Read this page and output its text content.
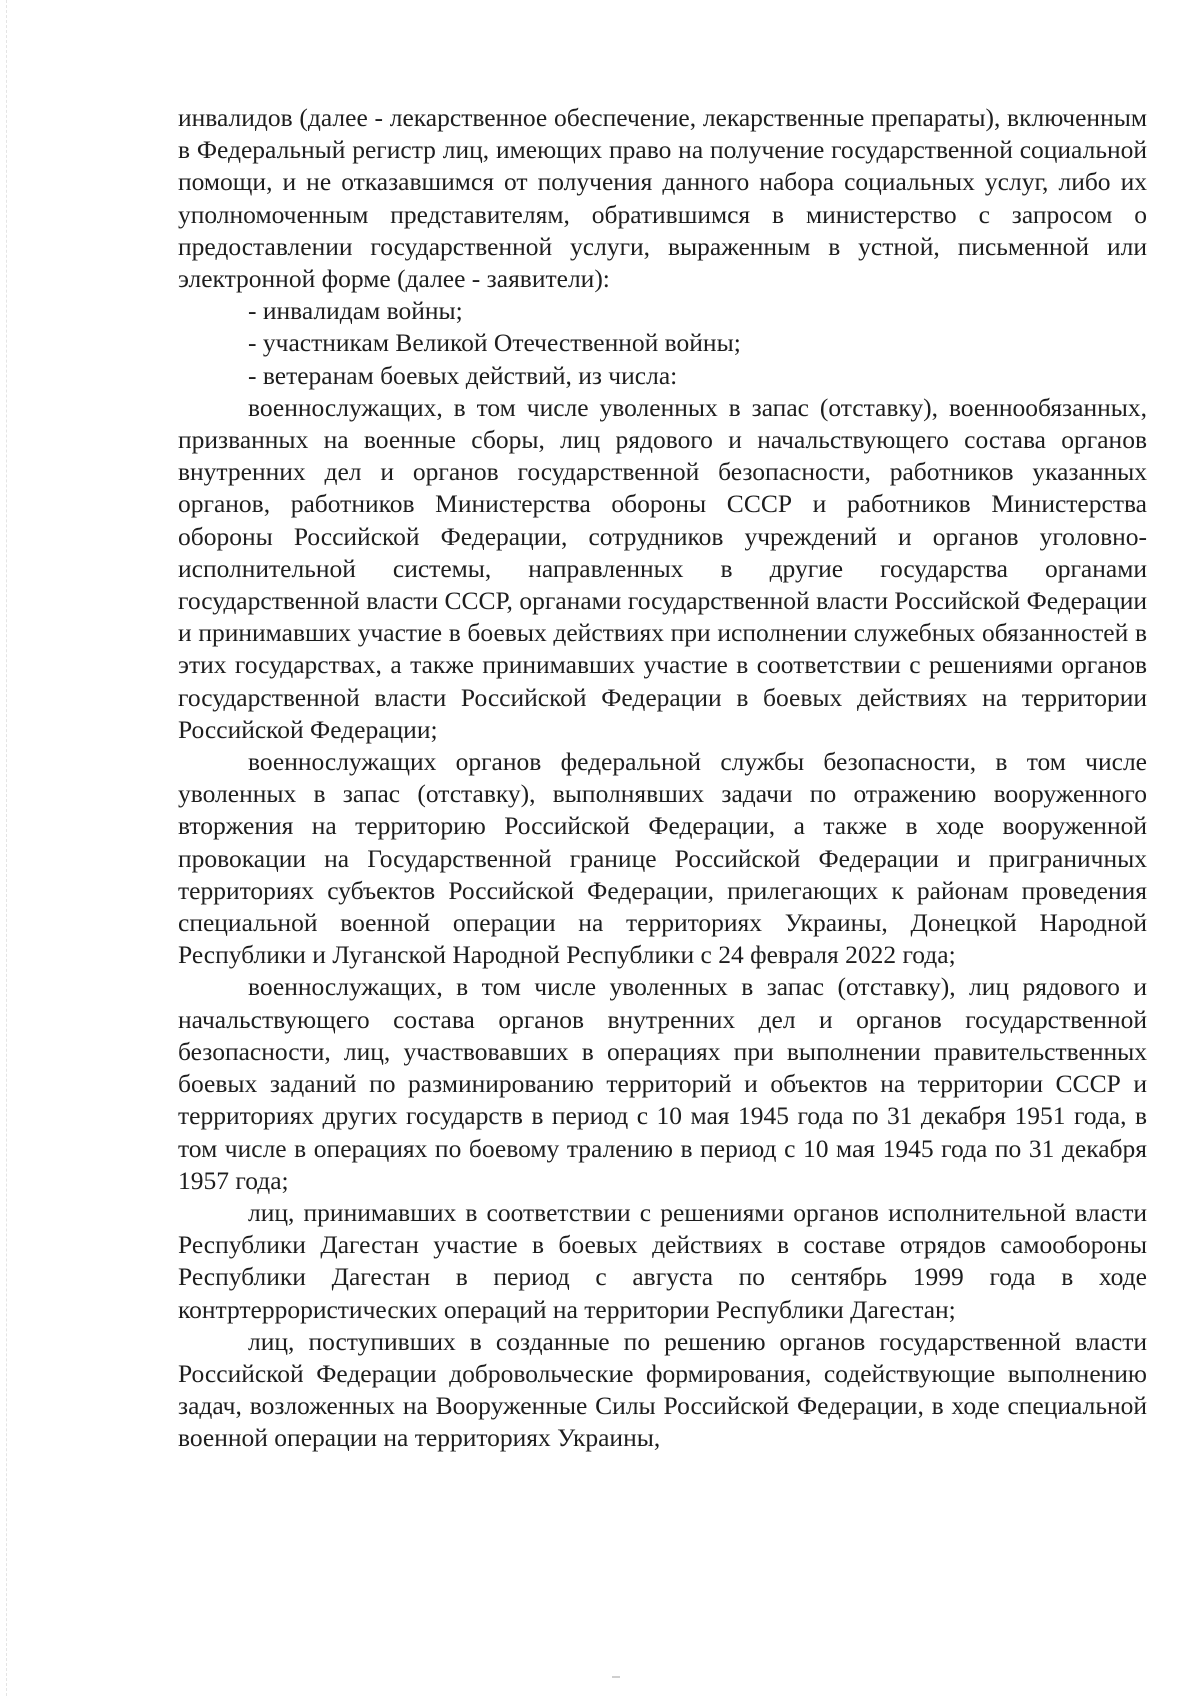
инвалидов (далее - лекарственное обеспечение, лекарственные препараты), включенным в Федеральный регистр лиц, имеющих право на получение государственной социальной помощи, и не отказавшимся от получения данного набора социальных услуг, либо их уполномоченным представителям, обратившимся в министерство с запросом о предоставлении государственной услуги, выраженным в устной, письменной или электронной форме (далее - заявители):

- инвалидам войны;

- участникам Великой Отечественной войны;

- ветеранам боевых действий, из числа:

военнослужащих, в том числе уволенных в запас (отставку), военнообязанных, призванных на военные сборы, лиц рядового и начальствующего состава органов внутренних дел и органов государственной безопасности, работников указанных органов, работников Министерства обороны СССР и работников Министерства обороны Российской Федерации, сотрудников учреждений и органов уголовно-исполнительной системы, направленных в другие государства органами государственной власти СССР, органами государственной власти Российской Федерации и принимавших участие в боевых действиях при исполнении служебных обязанностей в этих государствах, а также принимавших участие в соответствии с решениями органов государственной власти Российской Федерации в боевых действиях на территории Российской Федерации;

военнослужащих органов федеральной службы безопасности, в том числе уволенных в запас (отставку), выполнявших задачи по отражению вооруженного вторжения на территорию Российской Федерации, а также в ходе вооруженной провокации на Государственной границе Российской Федерации и приграничных территориях субъектов Российской Федерации, прилегающих к районам проведения специальной военной операции на территориях Украины, Донецкой Народной Республики и Луганской Народной Республики с 24 февраля 2022 года;

военнослужащих, в том числе уволенных в запас (отставку), лиц рядового и начальствующего состава органов внутренних дел и органов государственной безопасности, лиц, участвовавших в операциях при выполнении правительственных боевых заданий по разминированию территорий и объектов на территории СССР и территориях других государств в период с 10 мая 1945 года по 31 декабря 1951 года, в том числе в операциях по боевому тралению в период с 10 мая 1945 года по 31 декабря 1957 года;

лиц, принимавших в соответствии с решениями органов исполнительной власти Республики Дагестан участие в боевых действиях в составе отрядов самообороны Республики Дагестан в период с августа по сентябрь 1999 года в ходе контртеррористических операций на территории Республики Дагестан;

лиц, поступивших в созданные по решению органов государственной власти Российской Федерации добровольческие формирования, содействующие выполнению задач, возложенных на Вооруженные Силы Российской Федерации, в ходе специальной военной операции на территориях Украины,
